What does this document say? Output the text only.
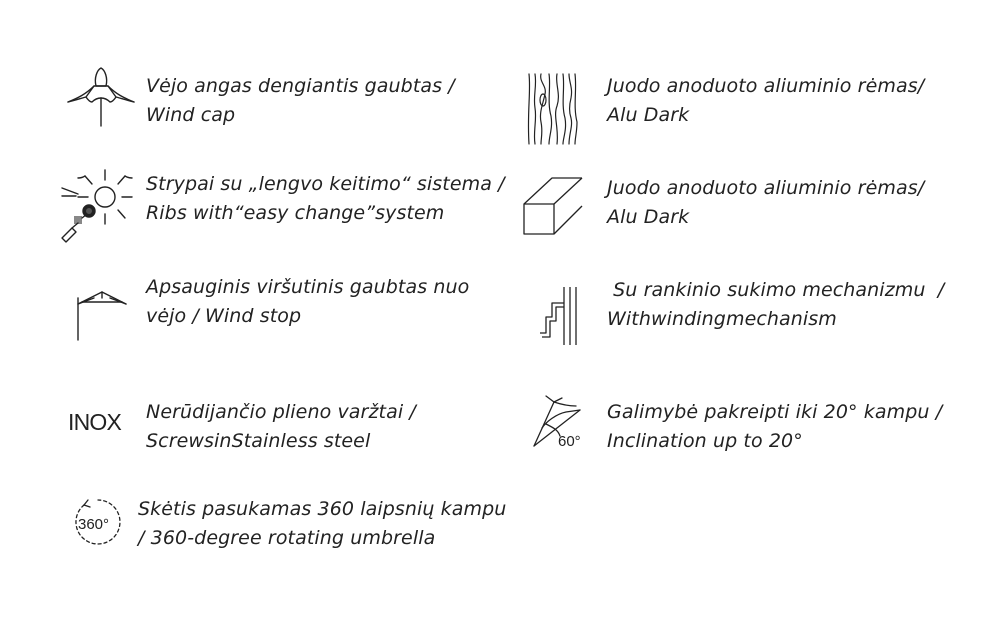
Vėjo angas dengiantis gaubtas /
Wind cap
Strypai su „lengvo keitimo“ sistema /
Ribs with“easy change”system
Apsauginis viršutinis gaubtas nuo
vėjo / Wind stop
INOX Nerūdijančio plieno varžtai /
ScrewsinStainless steel
360°
Skėtis pasukamas 360 laipsnių kampu
/ 360-degree rotating umbrella
Juodo anoduoto aliuminio rėmas/
Alu Dark
Juodo anoduoto aliuminio rėmas/
Alu Dark
Su rankinio sukimo mechanizmu  /
Withwindingmechanism
60°
Galimybė pakreipti iki 20° kampu /
Inclination up to 20°
